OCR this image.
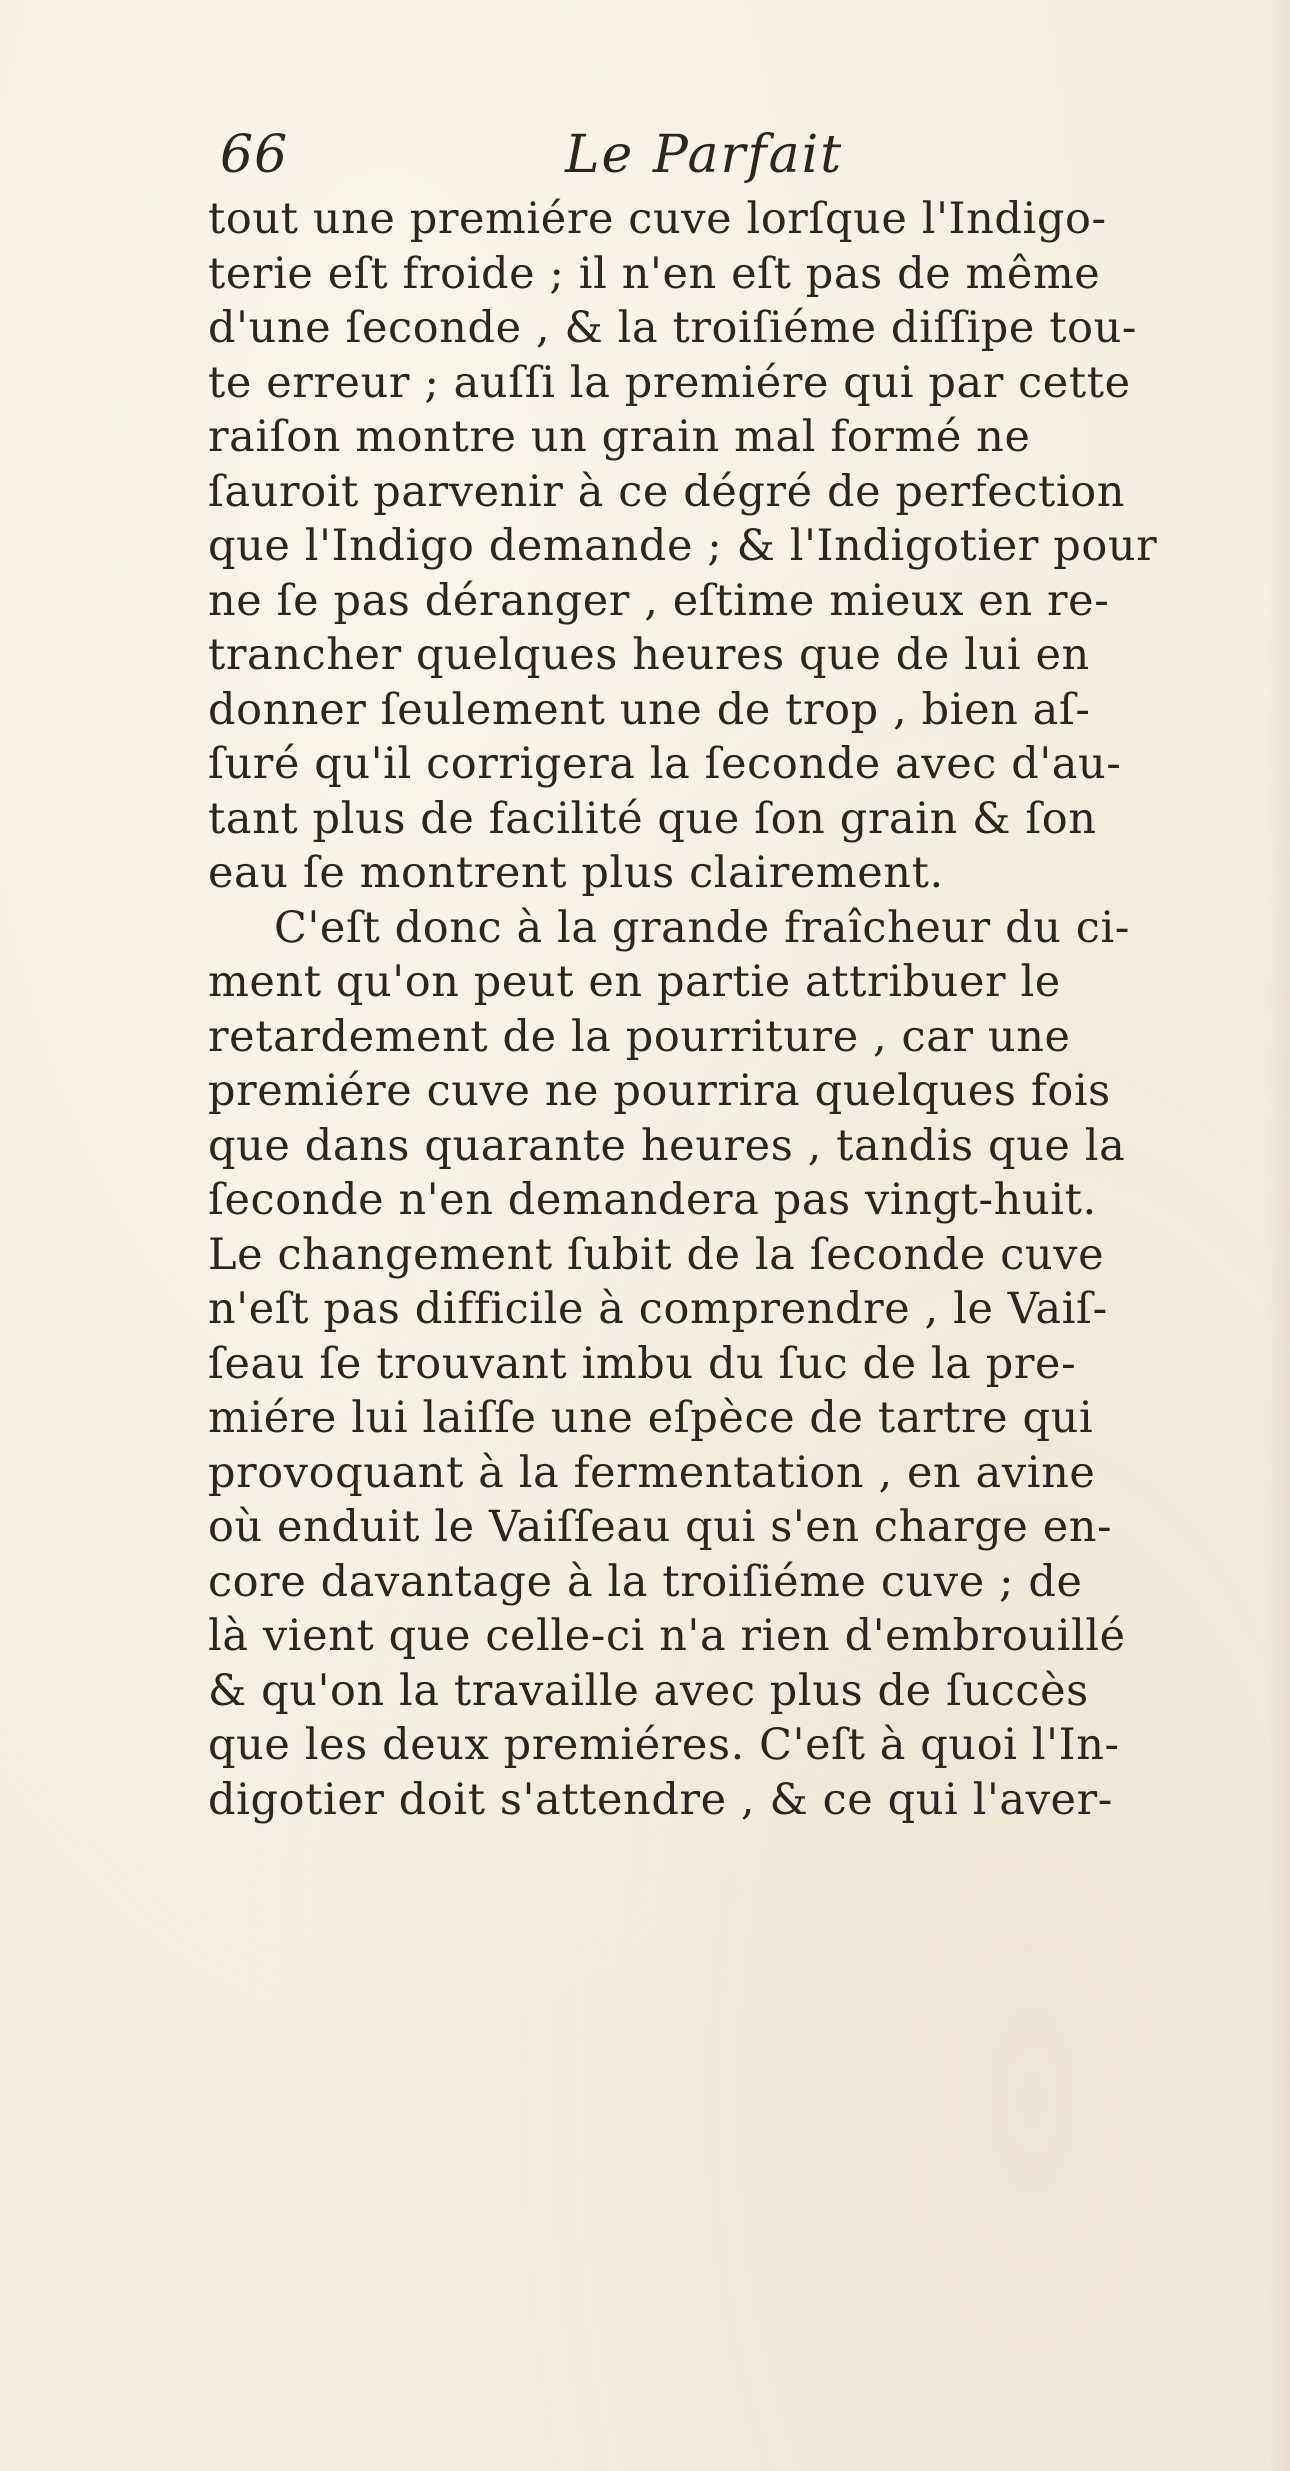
66	Le Parfait
tout une premiére cuve lorſque l'Indigo-
terie eſt froide ; il n'en eſt pas de même
d'une ſeconde , & la troiſiéme diſſipe tou-
te erreur ; auſſi la premiére qui par cette
raiſon montre un grain mal formé ne
ſauroit parvenir à ce dégré de perfection
que l'Indigo demande ; & l'Indigotier pour
ne ſe pas déranger , eſtime mieux en re-
trancher quelques heures que de lui en
donner ſeulement une de trop , bien aſ-
ſuré qu'il corrigera la ſeconde avec d'au-
tant plus de facilité que ſon grain & ſon
eau ſe montrent plus clairement.
C'eſt donc à la grande fraîcheur du ci-
ment qu'on peut en partie attribuer le
retardement de la pourriture , car une
premiére cuve ne pourrira quelques fois
que dans quarante heures , tandis que la
ſeconde n'en demandera pas vingt-huit.
Le changement ſubit de la ſeconde cuve
n'eſt pas difficile à comprendre , le Vaiſ-
ſeau ſe trouvant imbu du ſuc de la pre-
miére lui laiſſe une eſpèce de tartre qui
provoquant à la fermentation , en avine
où enduit le Vaiſſeau qui s'en charge en-
core davantage à la troiſiéme cuve ; de
là vient que celle-ci n'a rien d'embrouillé
& qu'on la travaille avec plus de ſuccès
que les deux premiéres. C'eſt à quoi l'In-
digotier doit s'attendre , & ce qui l'aver-
